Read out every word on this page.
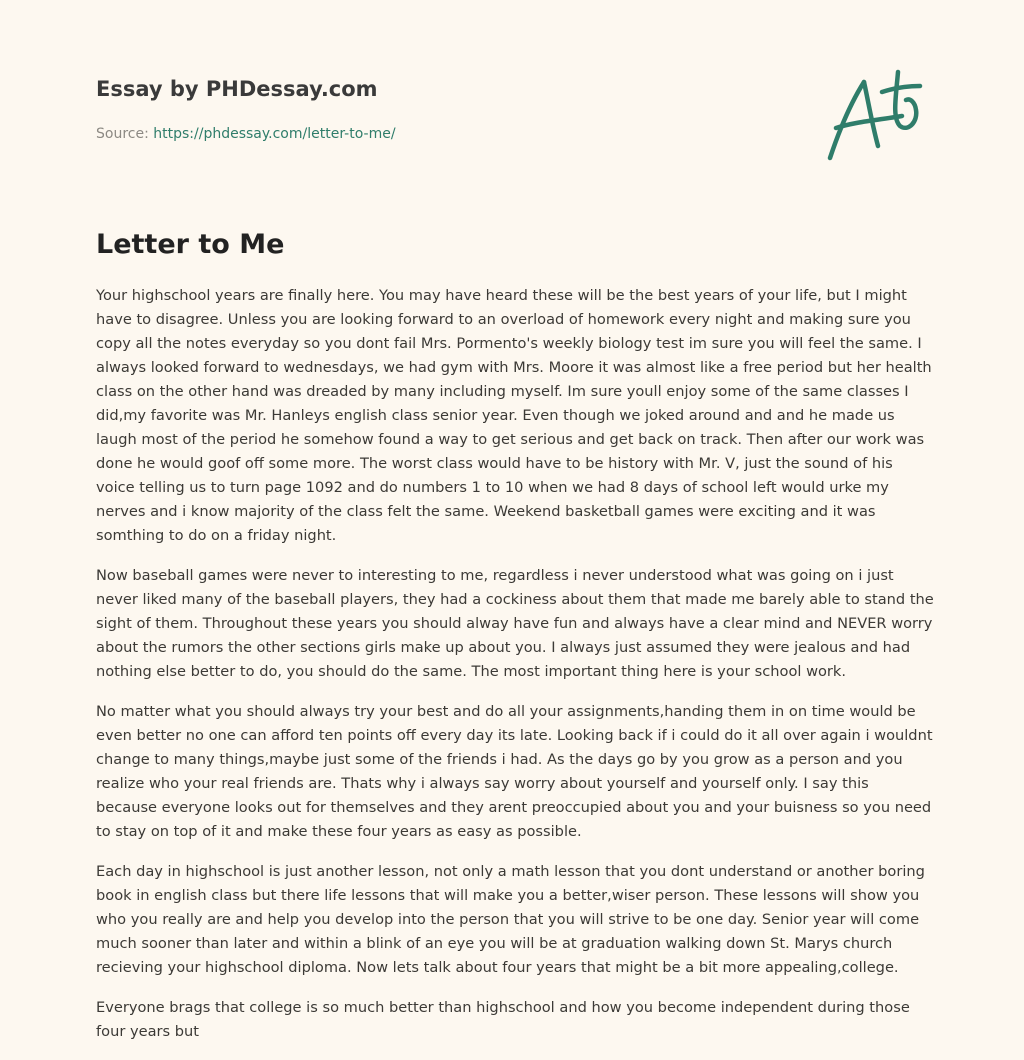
Essay by PHDessay.com
Source: https://phdessay.com/letter-to-me/
Letter to Me

Your highschool years are finally here. You may have heard these will be the best years of your life, but I might have to disagree. Unless you are looking forward to an overload of homework every night and making sure you copy all the notes everyday so you dont fail Mrs. Pormento's weekly biology test im sure you will feel the same. I always looked forward to wednesdays, we had gym with Mrs. Moore it was almost like a free period but her health class on the other hand was dreaded by many including myself. Im sure youll enjoy some of the same classes I did,my favorite was Mr. Hanleys english class senior year. Even though we joked around and and he made us laugh most of the period he somehow found a way to get serious and get back on track. Then after our work was done he would goof off some more. The worst class would have to be history with Mr. V, just the sound of his voice telling us to turn page 1092 and do numbers 1 to 10 when we had 8 days of school left would urke my nerves and i know majority of the class felt the same. Weekend basketball games were exciting and it was somthing to do on a friday night.

Now baseball games were never to interesting to me, regardless i never understood what was going on i just never liked many of the baseball players, they had a cockiness about them that made me barely able to stand the sight of them. Throughout these years you should alway have fun and always have a clear mind and NEVER worry about the rumors the other sections girls make up about you. I always just assumed they were jealous and had nothing else better to do, you should do the same. The most important thing here is your school work.

No matter what you should always try your best and do all your assignments,handing them in on time would be even better no one can afford ten points off every day its late. Looking back if i could do it all over again i wouldnt change to many things,maybe just some of the friends i had. As the days go by you grow as a person and you realize who your real friends are. Thats why i always say worry about yourself and yourself only. I say this because everyone looks out for themselves and they arent preoccupied about you and your buisness so you need to stay on top of it and make these four years as easy as possible.

Each day in highschool is just another lesson, not only a math lesson that you dont understand or another boring book in english class but there life lessons that will make you a better,wiser person. These lessons will show you who you really are and help you develop into the person that you will strive to be one day. Senior year will come much sooner than later and within a blink of an eye you will be at graduation walking down St. Marys church recieving your highschool diploma. Now lets talk about four years that might be a bit more appealing,college.

Everyone brags that college is so much better than highschool and how you become independent during those four years but
